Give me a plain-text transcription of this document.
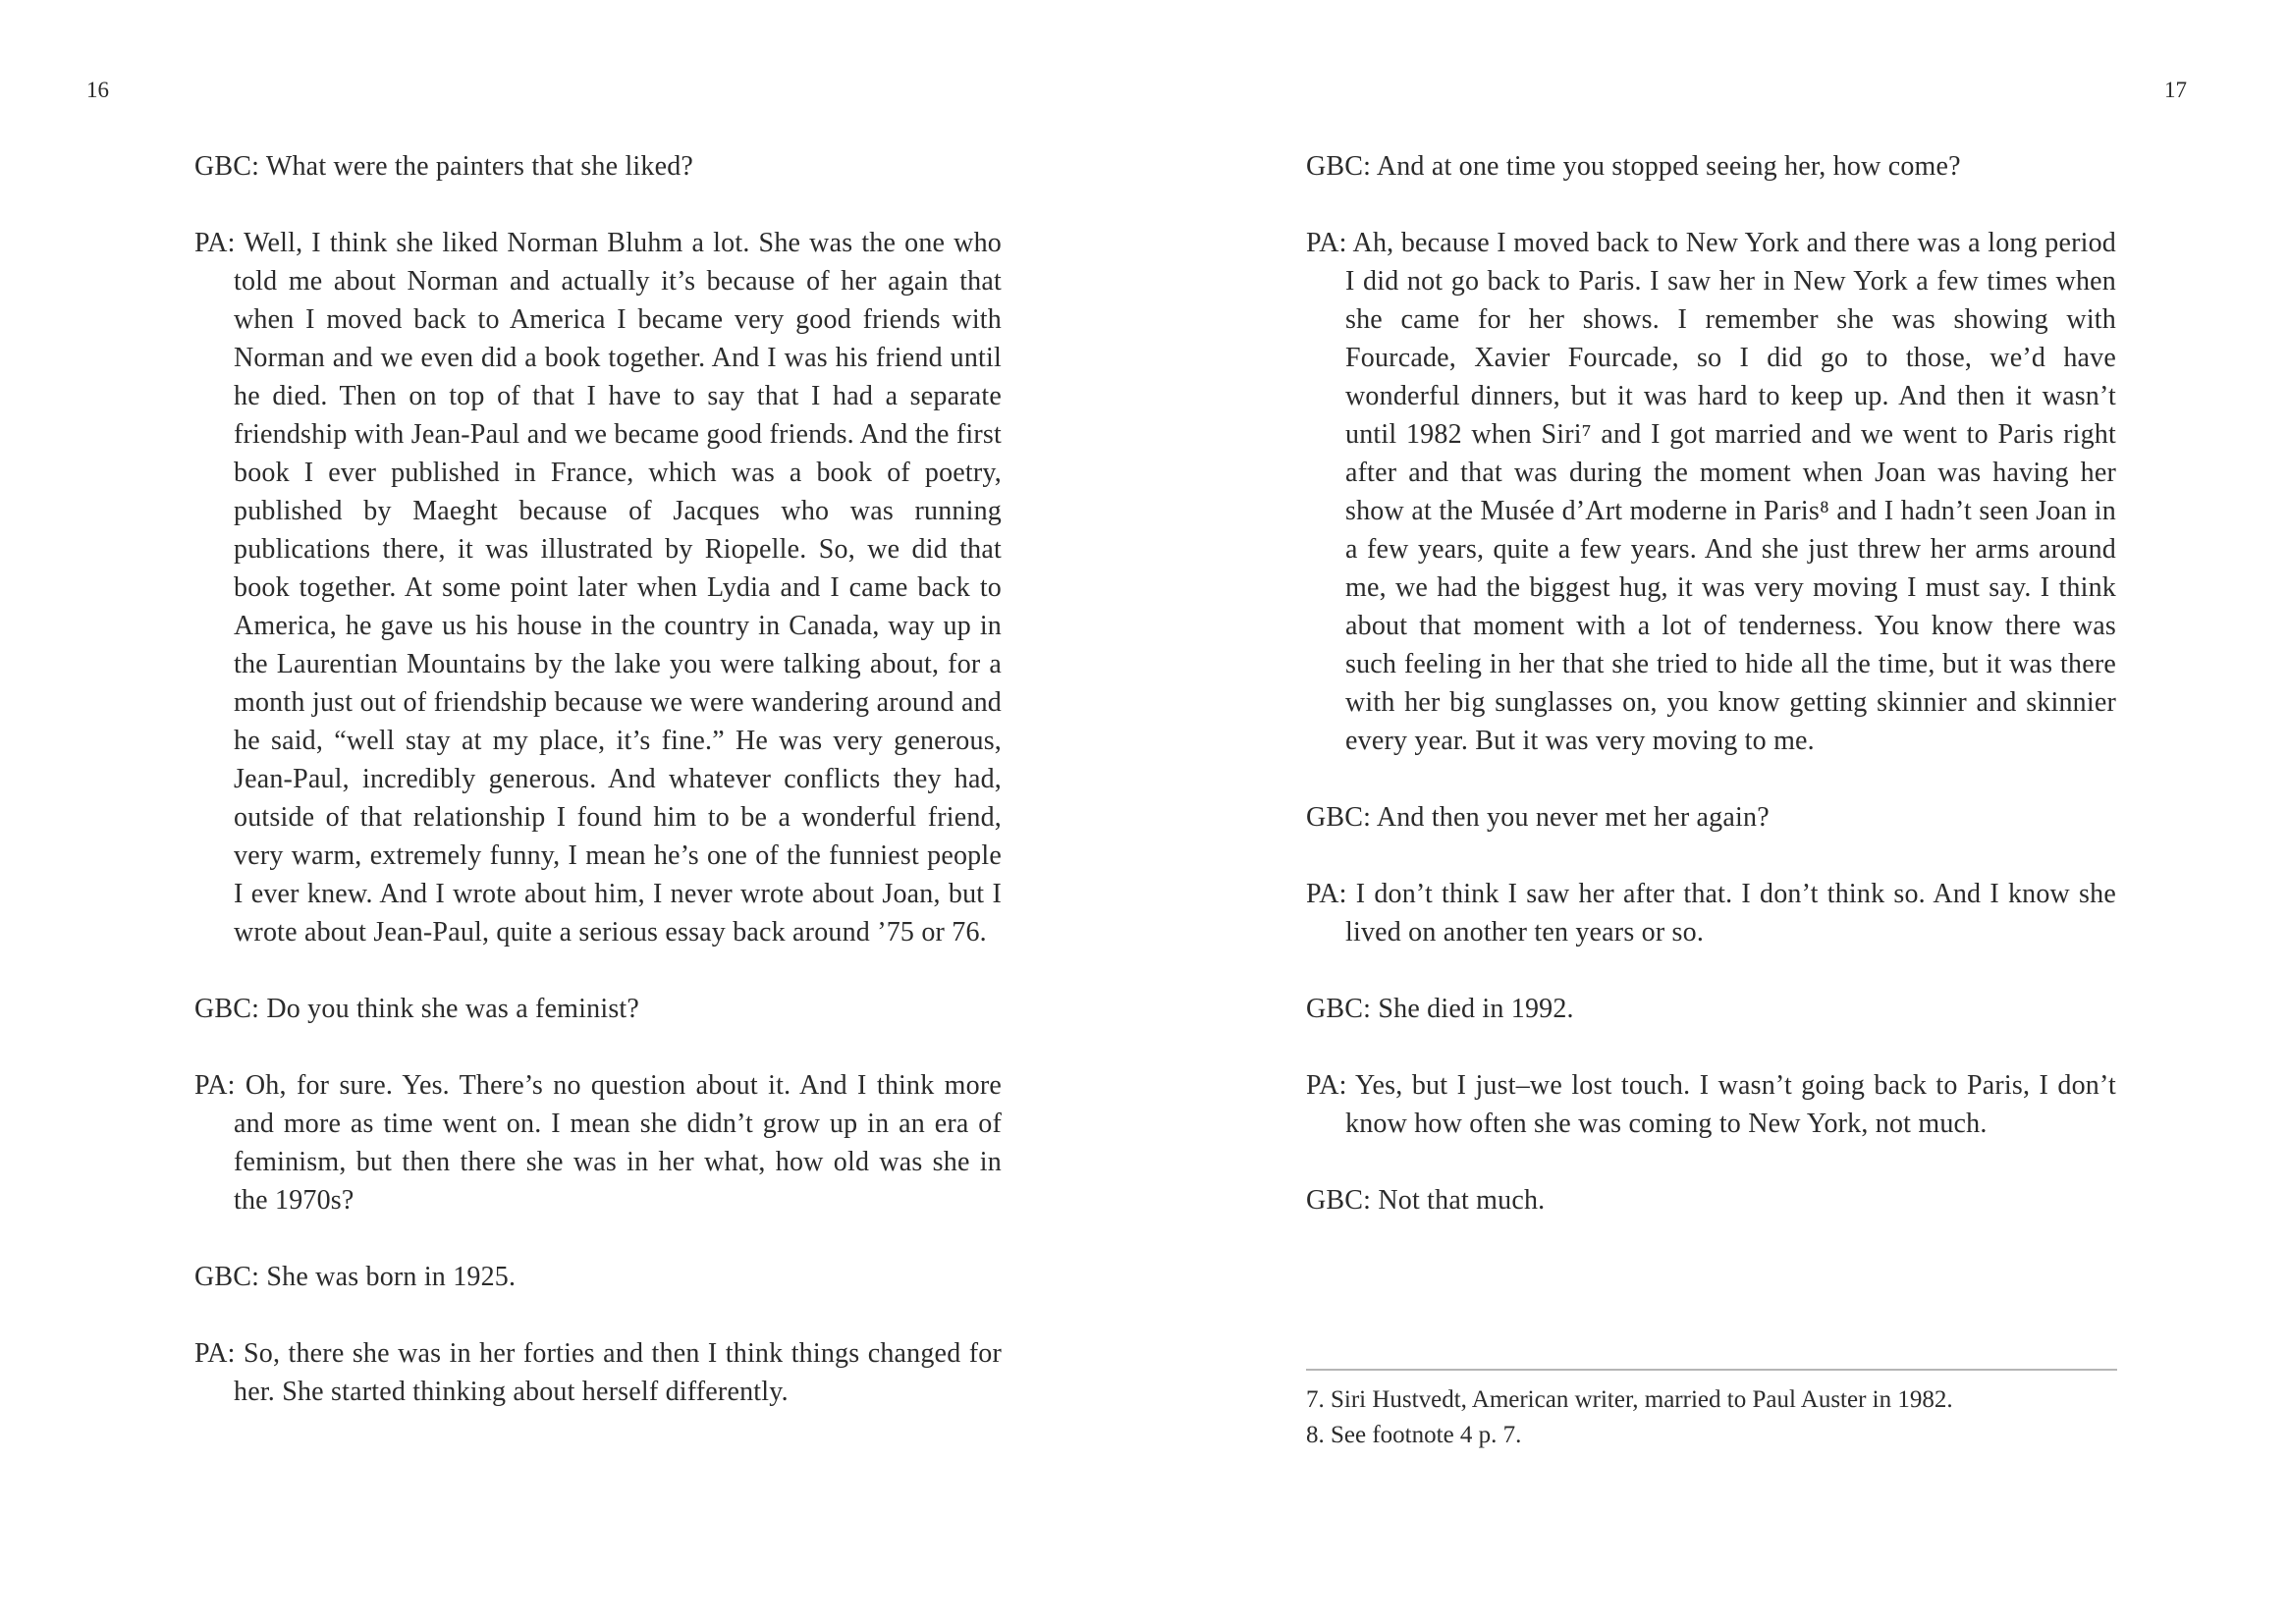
16	17

GBC: What were the painters that she liked?

PA: Well, I think she liked Norman Bluhm a lot. She was the one who told me about Norman and actually it’s because of her again that when I moved back to America I became very good friends with Norman and we even did a book together. And I was his friend until he died. Then on top of that I have to say that I had a separate friendship with Jean-Paul and we became good friends. And the first book I ever published in France, which was a book of poetry, published by Maeght because of Jacques who was running publications there, it was illustrated by Riopelle. So, we did that book together. At some point later when Lydia and I came back to America, he gave us his house in the country in Canada, way up in the Laurentian Mountains by the lake you were talking about, for a month just out of friendship because we were wandering around and he said, “well stay at my place, it’s fine.” He was very generous, Jean-Paul, incredibly generous. And whatever conflicts they had, outside of that relationship I found him to be a wonderful friend, very warm, extremely funny, I mean he’s one of the funniest people I ever knew. And I wrote about him, I never wrote about Joan, but I wrote about Jean-Paul, quite a serious essay back around ’75 or 76.

GBC: Do you think she was a feminist?

PA: Oh, for sure. Yes. There’s no question about it. And I think more and more as time went on. I mean she didn’t grow up in an era of feminism, but then there she was in her what, how old was she in the 1970s?

GBC: She was born in 1925.

PA: So, there she was in her forties and then I think things changed for her. She started thinking about herself differently.

GBC: And at one time you stopped seeing her, how come?

PA: Ah, because I moved back to New York and there was a long period I did not go back to Paris. I saw her in New York a few times when she came for her shows. I remember she was showing with Fourcade, Xavier Fourcade, so I did go to those, we’d have wonderful dinners, but it was hard to keep up. And then it wasn’t until 1982 when Siri⁷ and I got married and we went to Paris right after and that was during the moment when Joan was having her show at the Musée d’Art moderne in Paris⁸ and I hadn’t seen Joan in a few years, quite a few years. And she just threw her arms around me, we had the biggest hug, it was very moving I must say. I think about that moment with a lot of tenderness. You know there was such feeling in her that she tried to hide all the time, but it was there with her big sunglasses on, you know getting skinnier and skinnier every year. But it was very moving to me.

GBC: And then you never met her again?

PA: I don’t think I saw her after that. I don’t think so. And I know she lived on another ten years or so.

GBC: She died in 1992.

PA: Yes, but I just–we lost touch. I wasn’t going back to Paris, I don’t know how often she was coming to New York, not much.

GBC: Not that much.

7. Siri Hustvedt, American writer, married to Paul Auster in 1982.

8. See footnote 4 p. 7.
